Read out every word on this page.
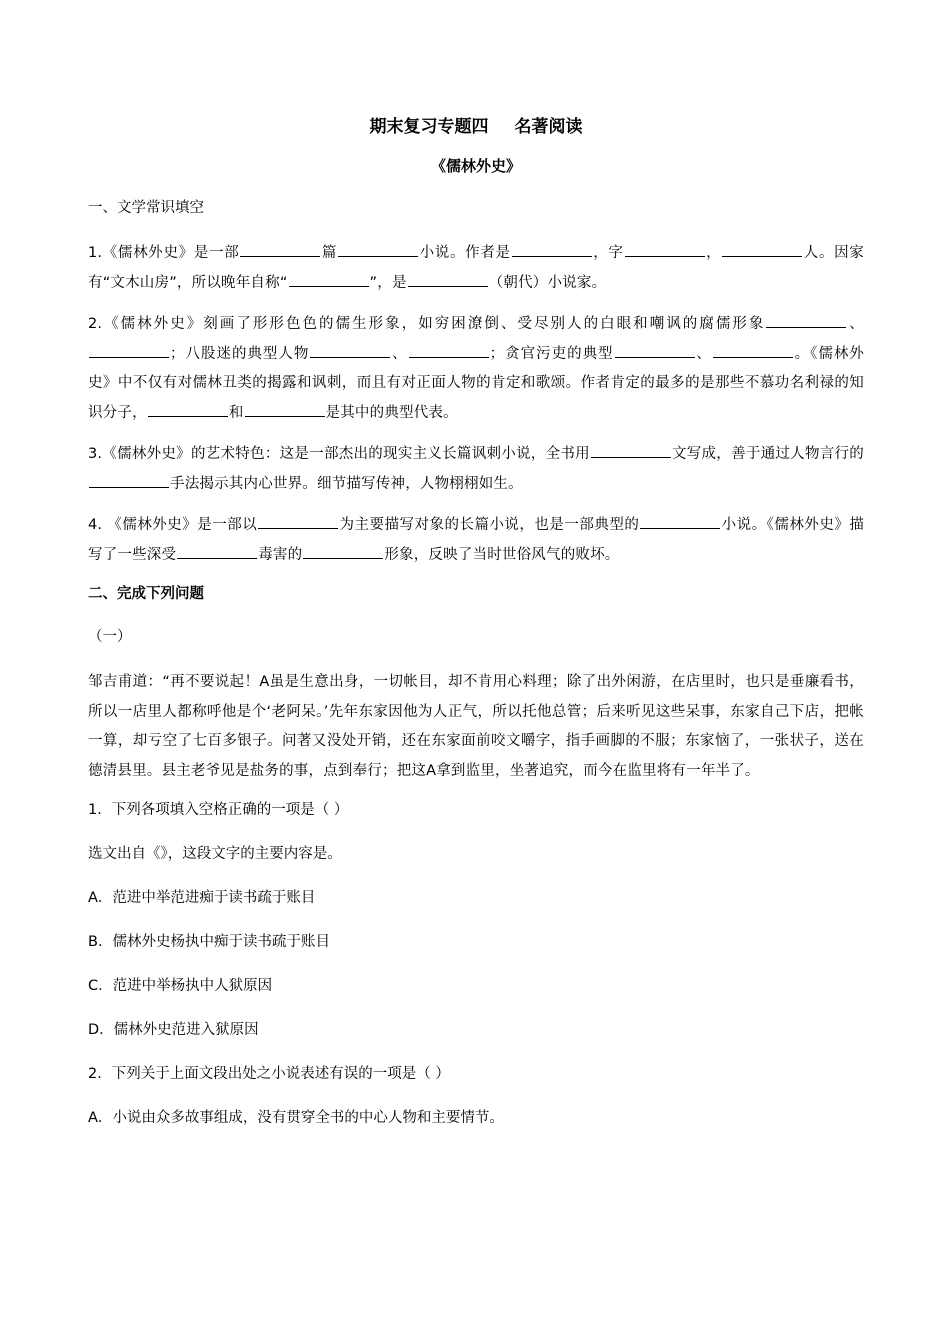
期末复习专题四 名著阅读
《儒林外史》
一、文学常识填空
1.《儒林外史》是一部	篇	小说。作者是	，字	，	人。因家有“文木山房”，所以晚年自称“	”，是	（朝代）小说家。
2.《儒林外史》刻画了形形色色的儒生形象，如穷困潦倒、受尽别人的白眼和嘲讽的腐儒形象	、；八股迷的典型人物	、	；贪官污吏的典型	、	。《儒林外史》中不仅有对儒林丑类的揭露和讽刺，而且有对正面人物的肯定和歌颂。作者肯定的最多的是那些不慕功名利禄的知识分子，	和	是其中的典型代表。
3.《儒林外史》的艺术特色：这是一部杰出的现实主义长篇讽刺小说，全书用	文写成，善于通过人物言行的手法揭示其内心世界。细节描写传神，人物栩栩如生。
4. 《儒林外史》是一部以	为主要描写对象的长篇小说，也是一部典型的	小说。《儒林外史》描写了一些深受	毒害的	形象，反映了当时世俗风气的败坏。
二、完成下列问题
（一）
邹吉甫道：“再不要说起！A虽是生意出身，一切帐目，却不肯用心料理；除了出外闲游，在店里时，也只是垂廉看书，所以一店里人都称呼他是个‘老阿呆。’先年东家因他为人正气，所以托他总管；后来听见这些呆事，东家自己下店，把帐一算，却亏空了七百多银子。问著又没处开销，还在东家面前咬文嚼字，指手画脚的不服；东家恼了，一张状子，送在德清县里。县主老爷见是盐务的事，点到奉行；把这A拿到监里，坐著追究，而今在监里将有一年半了。
1．下列各项填入空格正确的一项是（ ）
选文出自《》，这段文字的主要内容是。
A．范进中举范进痴于读书疏于账目
B．儒林外史杨执中痴于读书疏于账目
C．范进中举杨执中人狱原因
D．儒林外史范进入狱原因
2．下列关于上面文段出处之小说表述有误的一项是（ ）
A．小说由众多故事组成，没有贯穿全书的中心人物和主要情节。
